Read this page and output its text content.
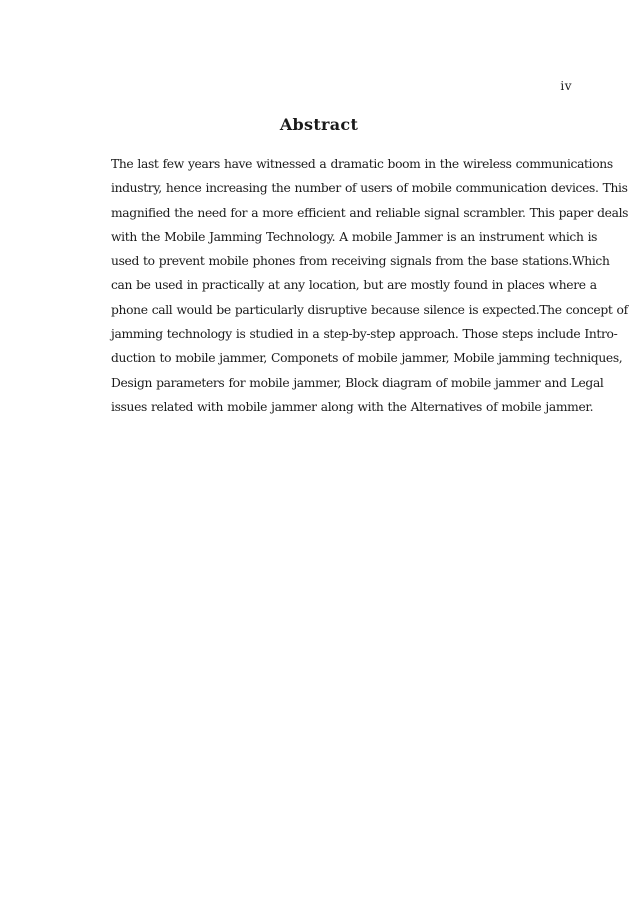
iv
Abstract
The last few years have witnessed a dramatic boom in the wireless communications
industry, hence increasing the number of users of mobile communication devices. This
magnified the need for a more efficient and reliable signal scrambler. This paper deals
with the Mobile Jamming Technology. A mobile Jammer is an instrument which is
used to prevent mobile phones from receiving signals from the base stations.Which
can be used in practically at any location, but are mostly found in places where a
phone call would be particularly disruptive because silence is expected.The concept of
jamming technology is studied in a step-by-step approach. Those steps include Intro-
duction to mobile jammer, Componets of mobile jammer, Mobile jamming techniques,
Design parameters for mobile jammer, Block diagram of mobile jammer and Legal
issues related with mobile jammer along with the Alternatives of mobile jammer.
